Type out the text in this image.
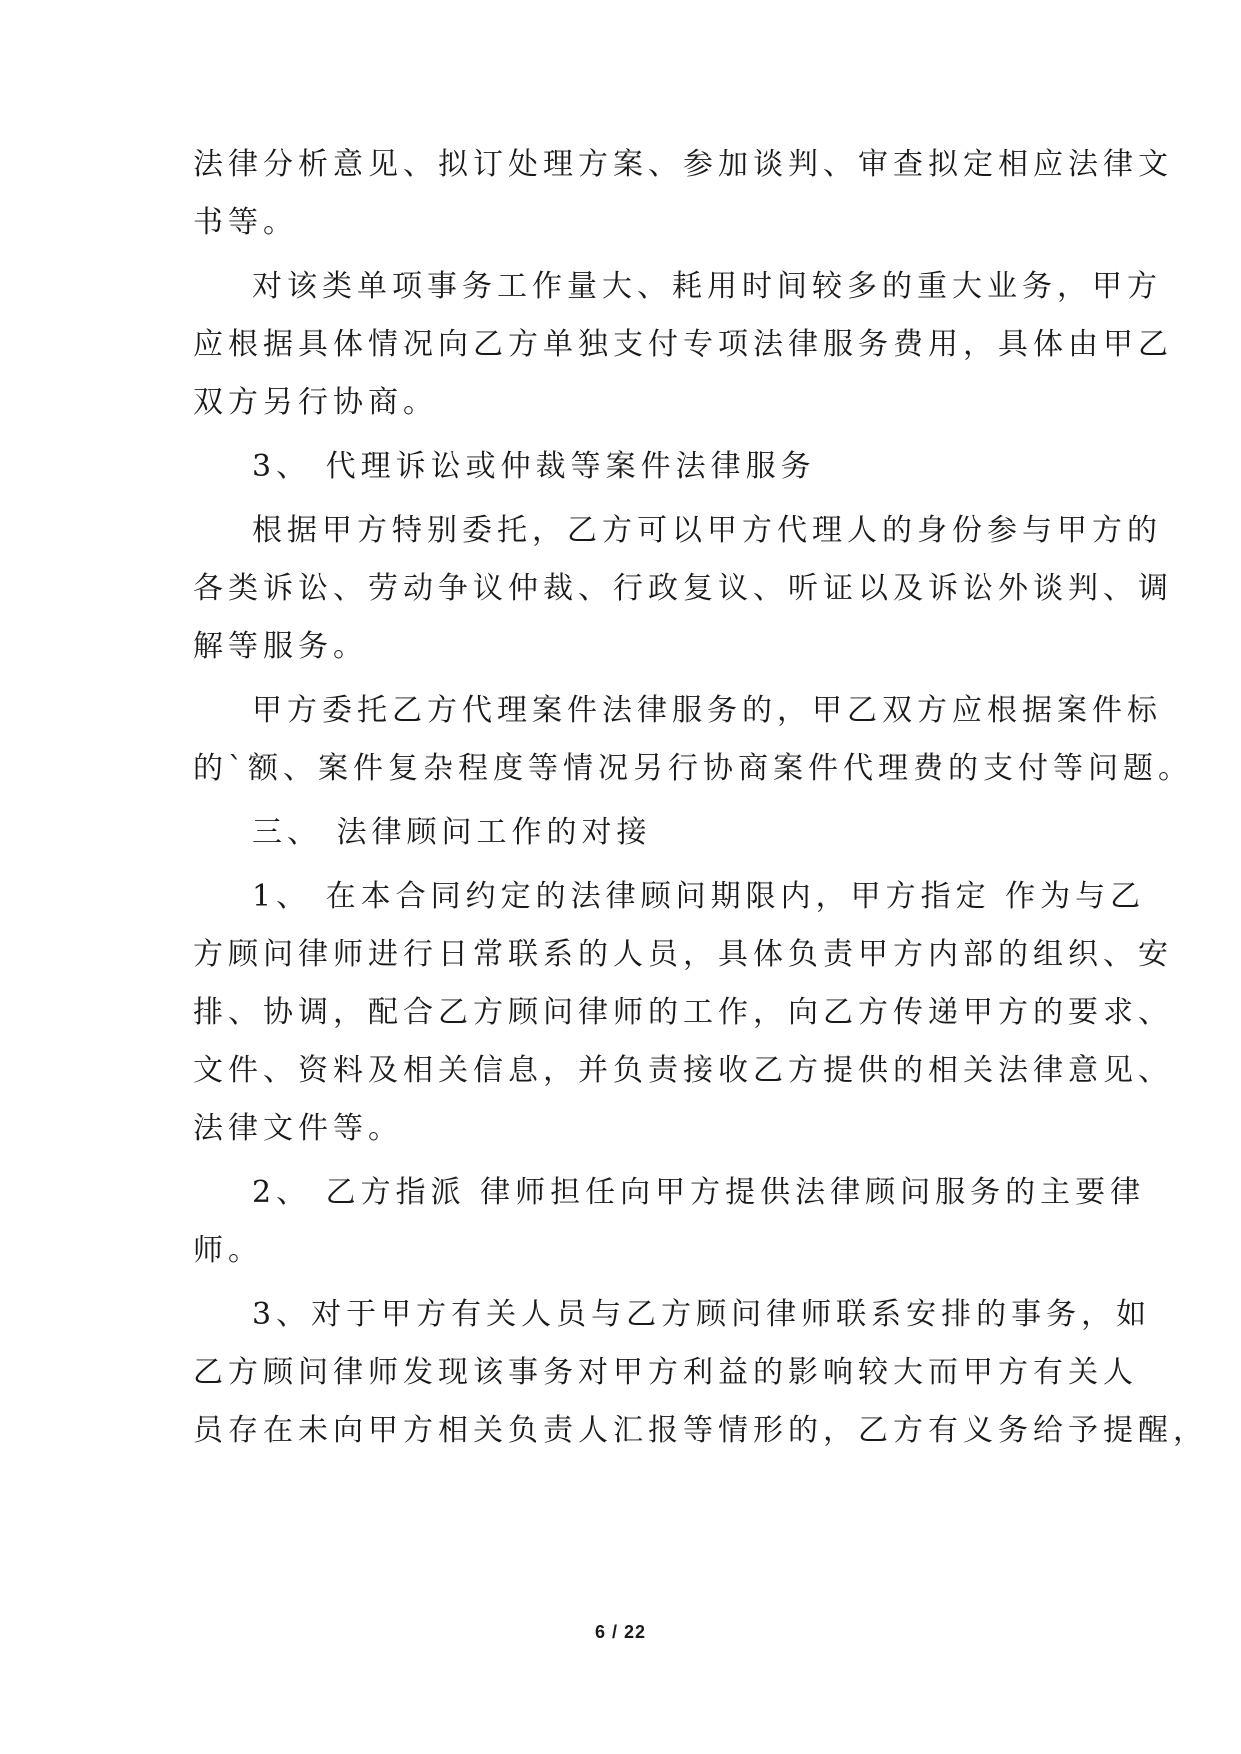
法律分析意见、拟订处理方案、参加谈判、审查拟定相应法律文
书等。
对该类单项事务工作量大、耗用时间较多的重大业务，甲方
应根据具体情况向乙方单独支付专项法律服务费用，具体由甲乙
双方另行协商。
3、 代理诉讼或仲裁等案件法律服务
根据甲方特别委托，乙方可以甲方代理人的身份参与甲方的
各类诉讼、劳动争议仲裁、行政复议、听证以及诉讼外谈判、调
解等服务。
甲方委托乙方代理案件法律服务的，甲乙双方应根据案件标
的`额、案件复杂程度等情况另行协商案件代理费的支付等问题。
三、 法律顾问工作的对接
1、 在本合同约定的法律顾问期限内，甲方指定 作为与乙
方顾问律师进行日常联系的人员，具体负责甲方内部的组织、安
排、协调，配合乙方顾问律师的工作，向乙方传递甲方的要求、
文件、资料及相关信息，并负责接收乙方提供的相关法律意见、
法律文件等。
2、 乙方指派 律师担任向甲方提供法律顾问服务的主要律
师。
3、对于甲方有关人员与乙方顾问律师联系安排的事务，如
乙方顾问律师发现该事务对甲方利益的影响较大而甲方有关人
员存在未向甲方相关负责人汇报等情形的，乙方有义务给予提醒，
6 / 22
